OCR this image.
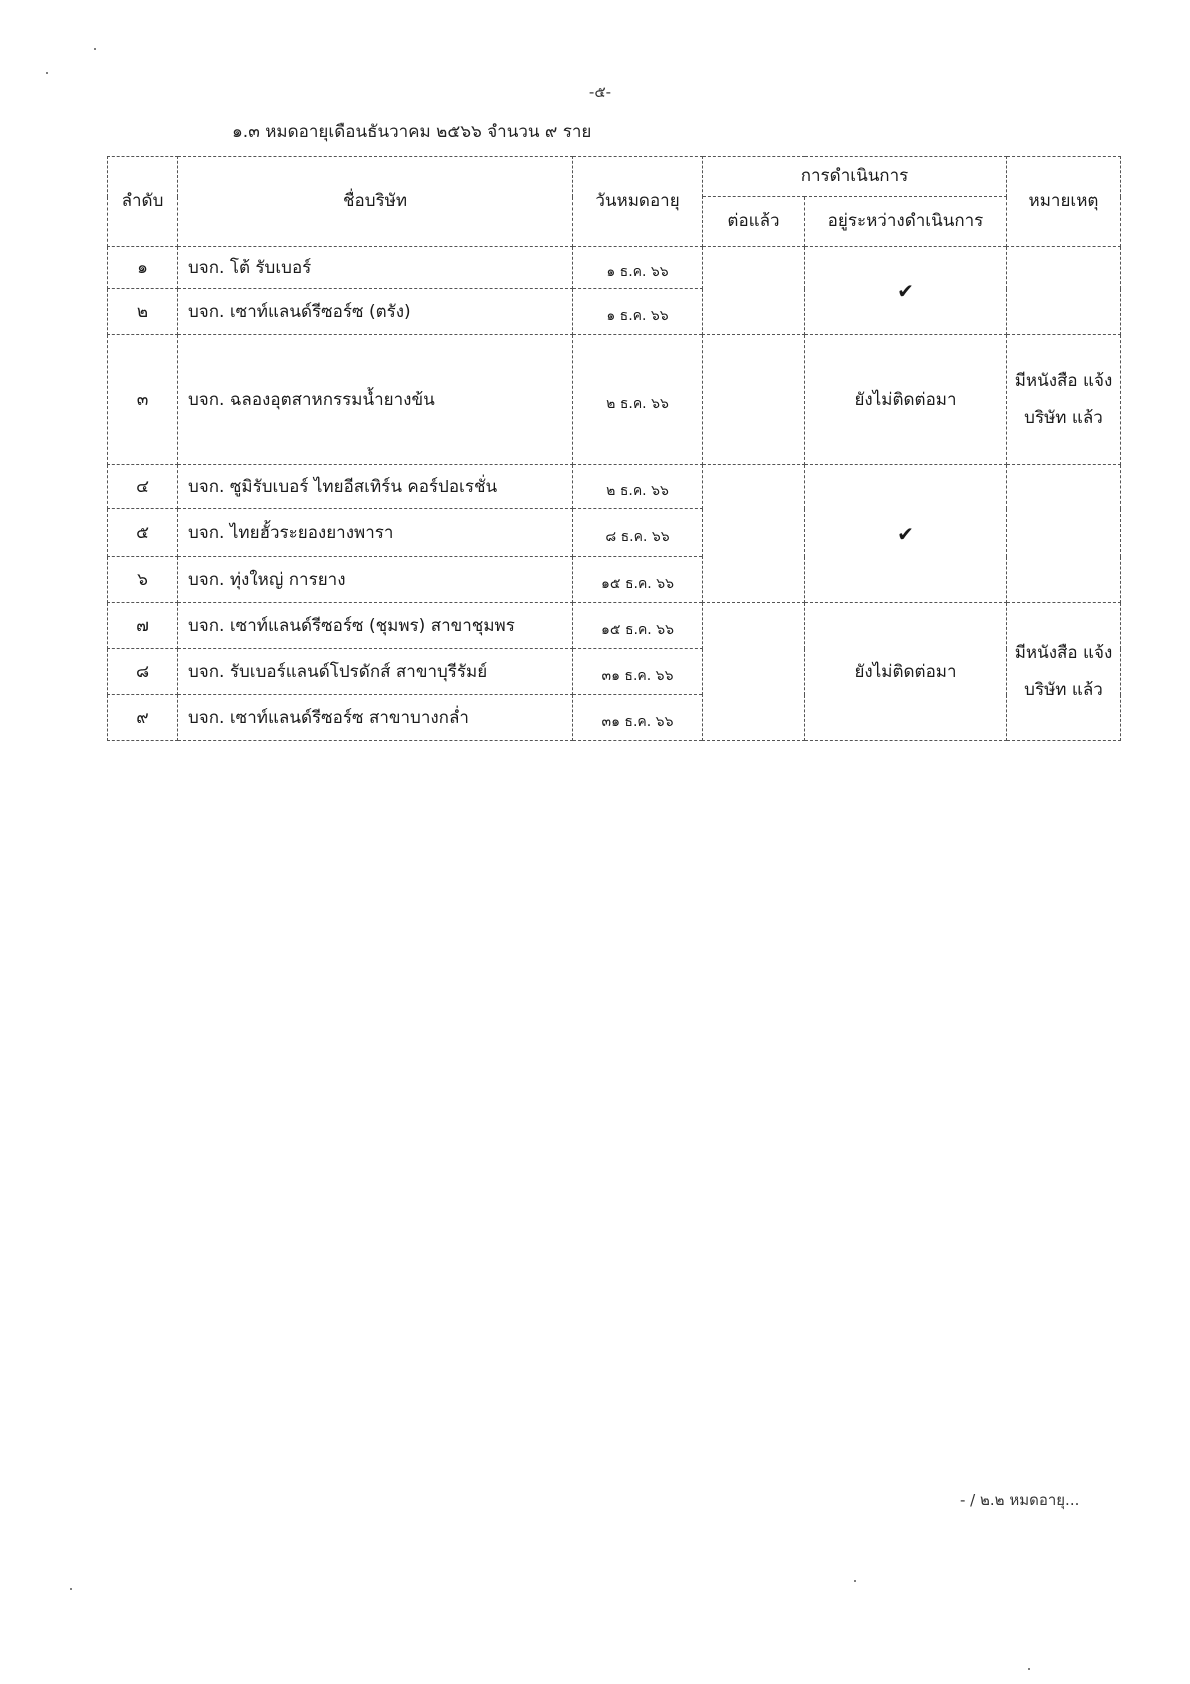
-๕-
๑.๓ หมดอายุเดือนธันวาคม ๒๕๖๖ จำนวน ๙ ราย
ลำดับ	ชื่อบริษัท	วันหมดอายุ	การดำเนินการ		หมายเหตุ
			ต่อแล้ว	อยู่ระหว่างดำเนินการ	
๑	บจก. โต้ รับเบอร์	๑ ธ.ค. ๖๖		✔	
๒	บจก. เซาท์แลนด์รีซอร์ซ (ตรัง)	๑ ธ.ค. ๖๖			
๓	บจก. ฉลองอุตสาหกรรมน้ำยางข้น	๒ ธ.ค. ๖๖		ยังไม่ติดต่อมา	มีหนังสือ แจ้งบริษัท แล้ว
๔	บจก. ซูมิรับเบอร์ ไทยอีสเทิร์น คอร์ปอเรชั่น	๒ ธ.ค. ๖๖		✔	
๕	บจก. ไทยฮั้วระยองยางพารา	๘ ธ.ค. ๖๖			
๖	บจก. ทุ่งใหญ่ การยาง	๑๕ ธ.ค. ๖๖			
๗	บจก. เซาท์แลนด์รีซอร์ซ (ชุมพร) สาขาชุมพร	๑๕ ธ.ค. ๖๖		ยังไม่ติดต่อมา	มีหนังสือ แจ้งบริษัท แล้ว
๘	บจก. รับเบอร์แลนด์โปรดักส์ สาขาบุรีรัมย์	๓๑ ธ.ค. ๖๖			
๙	บจก. เซาท์แลนด์รีซอร์ซ สาขาบางกล่ำ	๓๑ ธ.ค. ๖๖			
- / ๒.๒ หมดอายุ...
